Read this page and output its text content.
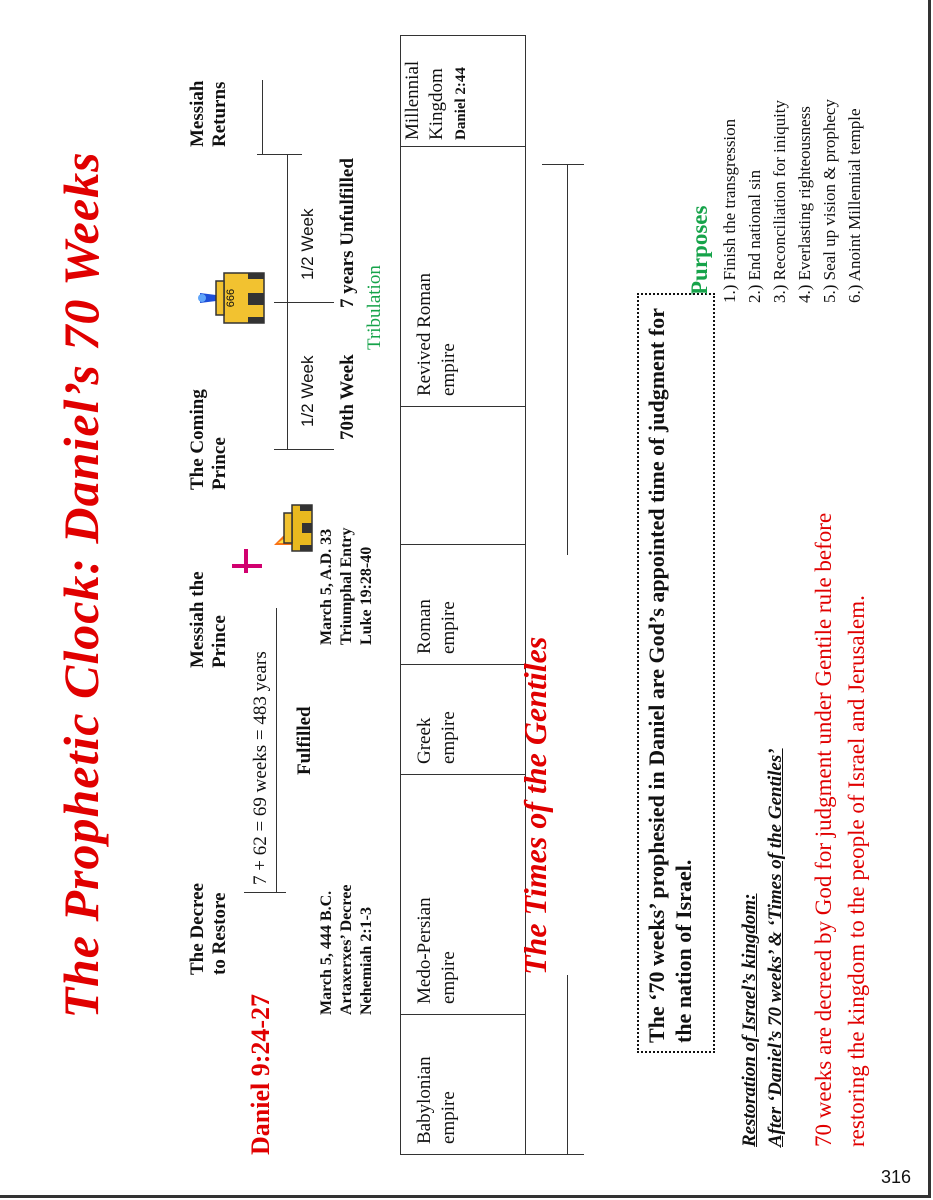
The Prophetic Clock: Daniel’s 70 Weeks
Daniel 9:24-27
The Decree to Restore
Messiah the Prince
The Coming Prince
Messiah Returns
7 + 62 = 69 weeks = 483 years Fulfilled
1/2 Week
1/2 Week
70th Week
7 years Unfulfilled Tribulation
March 5, 444 B.C. Artaxerxes’ Decree Nehemiah 2:1-3
March 5, A.D. 33 Triumphal Entry Luke 19:28-40
666
Babylonian empire
Medo-Persian empire
Greek empire
Roman empire
Revived Roman empire
Millennial Kingdom Daniel 2:44
The Times of the Gentiles	The ‘70 weeks’ prophesied in Daniel are God’s appointed time of judgment for the nation of Israel.	Restoration of Israel’s kingdom: After ‘Daniel’s 70 weeks’ & ‘Times of the Gentiles’ 70 weeks are decreed by God for judgment under Gentile rule before restoring the kingdom to the people of Israel and Jerusalem.
Purposes 1.) Finish the transgression 2.) End national sin 3.) Reconciliation for iniquity 4.) Everlasting righteousness 5.) Seal up vision & prophecy 6.) Anoint Millennial temple
316
